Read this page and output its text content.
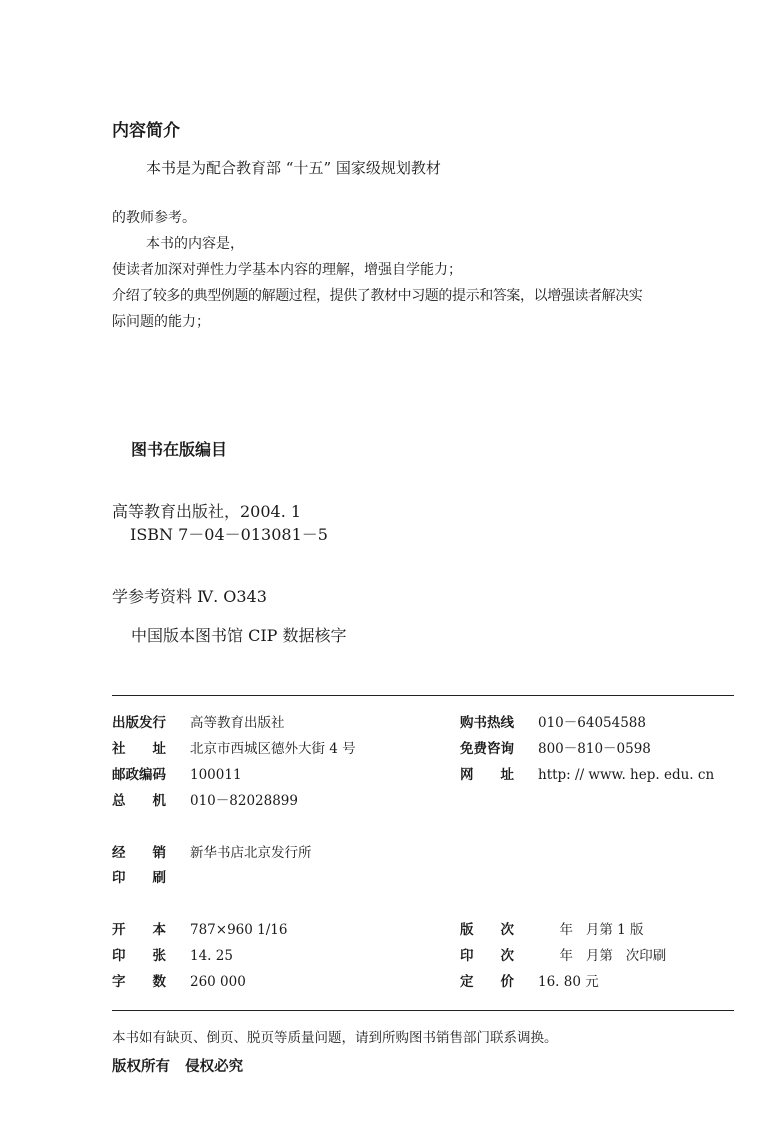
内容简介
本书是为配合教育部 “十五” 国家级规划教材
的教师参考。
本书的内容是，
使读者加深对弹性力学基本内容的理解，增强自学能力；
介绍了较多的典型例题的解题过程，提供了教材中习题的提示和答案，以增强读者解决实
际问题的能力；
图书在版编目
高等教育出版社，2004. 1
ISBN 7－04－013081－5
学参考资料 Ⅳ. O343
中国版本图书馆 CIP 数据核字
出版发行 高等教育出版社
社　　址 北京市西城区德外大街 4 号
邮政编码 100011
总　　机 010－82028899
经　　销 新华书店北京发行所
印　　刷
开　　本 787×960 1/16
印　　张 14. 25
字　　数 260 000
购书热线 010－64054588
免费咨询 800－810－0598
网　　址 http: // www. hep. edu. cn
版　　次     年   月第 1 版
印　　次     年   月第   次印刷
定　　价 16. 80 元
本书如有缺页、倒页、脱页等质量问题，请到所购图书销售部门联系调换。
版权所有   侵权必究
